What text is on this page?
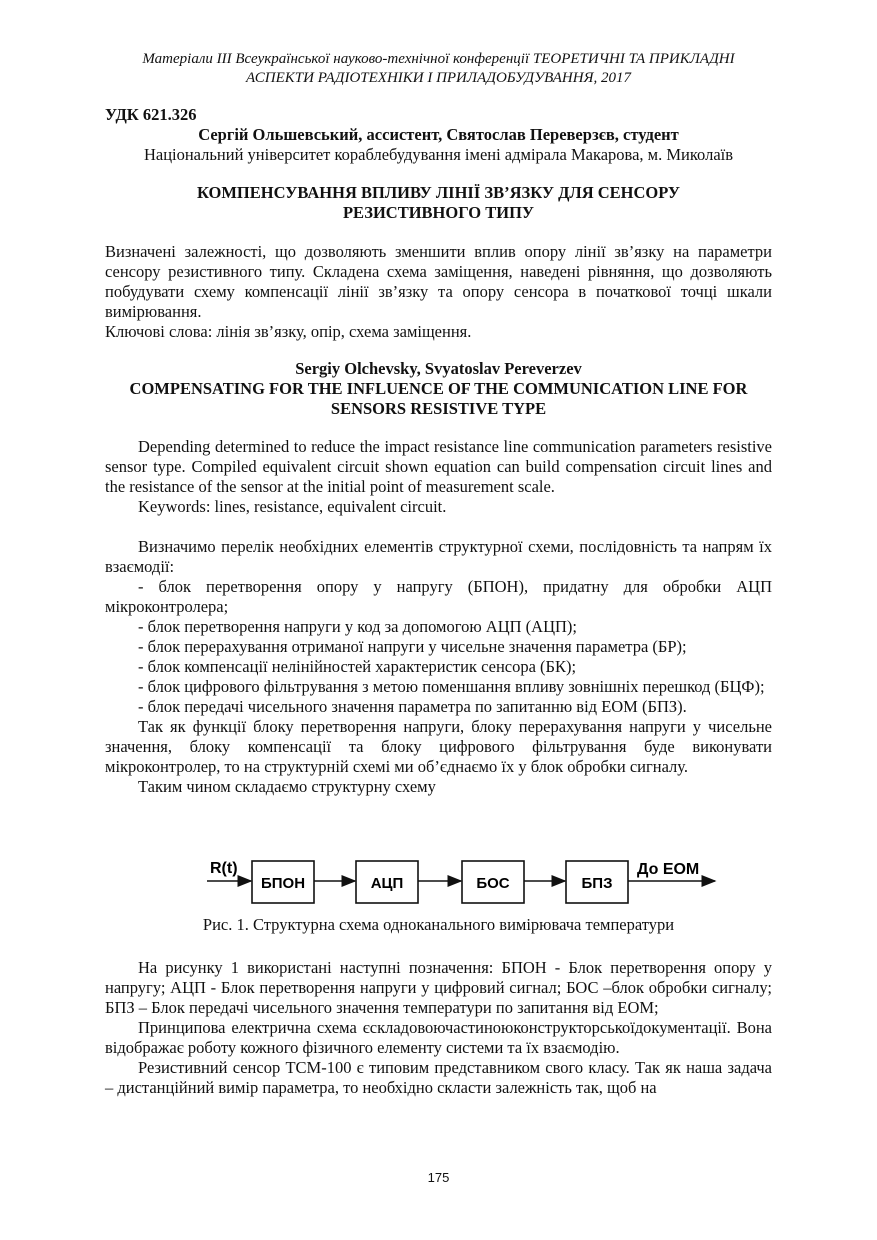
Матеріали III Всеукраїнської науково-технічної конференції ТЕОРЕТИЧНІ ТА ПРИКЛАДНІ
АСПЕКТИ РАДІОТЕХНІКИ І ПРИЛАДОБУДУВАННЯ, 2017

УДК 621.326

Сергій Ольшевський, ассистент, Святослав Переверзєв, студент

Національний університет кораблебудування імені адмірала Макарова, м. Миколаїв

КОМПЕНСУВАННЯ ВПЛИВУ ЛІНІЇ ЗВ’ЯЗКУ ДЛЯ СЕНСОРУ
РЕЗИСТИВНОГО ТИПУ

Визначені залежності, що дозволяють зменшити вплив опору лінії зв’язку на параметри сенсору резистивного типу. Складена схема заміщення, наведені рівняння, що дозволяють побудувати схему компенсації лінії зв’язку та опору сенсора в початкової точці шкали вимірювання.

Ключові слова: лінія зв’язку, опір, схема заміщення.

Sergiy Olchevsky, Svyatoslav Pereverzev
COMPENSATING FOR THE INFLUENCE OF THE COMMUNICATION LINE FOR
SENSORS RESISTIVE TYPE

Depending determined to reduce the impact resistance line communication parameters resistive sensor type. Compiled equivalent circuit shown equation can build compensation circuit lines and the resistance of the sensor at the initial point of measurement scale.

Keywords: lines, resistance, equivalent circuit.

Визначимо перелік необхідних елементів структурної схеми, послідовність та напрям їх взаємодії:

- блок перетворення опору у напругу (БПОН), придатну для обробки АЦП мікроконтролера;

- блок перетворення напруги у код за допомогою АЦП (АЦП);

- блок перерахування отриманої напруги у чисельне значення параметра (БР);

- блок компенсації нелінійностей характеристик сенсора (БК);

- блок цифрового фільтрування з метою поменшання впливу зовнішніх перешкод (БЦФ);

- блок передачі чисельного значення параметра по запитанню від ЕОМ (БПЗ).

Так як функції блоку перетворення напруги, блоку перерахування напруги у чисельне значення, блоку компенсації та блоку цифрового фільтрування буде виконувати мікроконтролер, то на структурній схемі ми об’єднаємо їх у блок обробки сигналу.

Таким чином складаємо структурну схему

R(t)
БПОН	АЦП	БОС	БПЗ
До ЕОМ

Рис. 1. Структурна схема одноканального вимірювача температури

На рисунку 1 використані наступні позначення: БПОН - Блок перетворення опору у напругу; АЦП - Блок перетворення напруги у цифровий сигнал; БОС –блок обробки сигналу; БПЗ – Блок передачі чисельного значення температури по запитання від ЕОМ;

Принципова електрична схема єскладовоючастиноюконструкторськоїдокументації. Вона відображає роботу кожного фізичного елементу системи та їх взаємодію.

Резистивний сенсор ТСМ-100 є типовим представником свого класу. Так як наша задача – дистанційний вимір параметра, то необхідно скласти залежність так, щоб на

175
